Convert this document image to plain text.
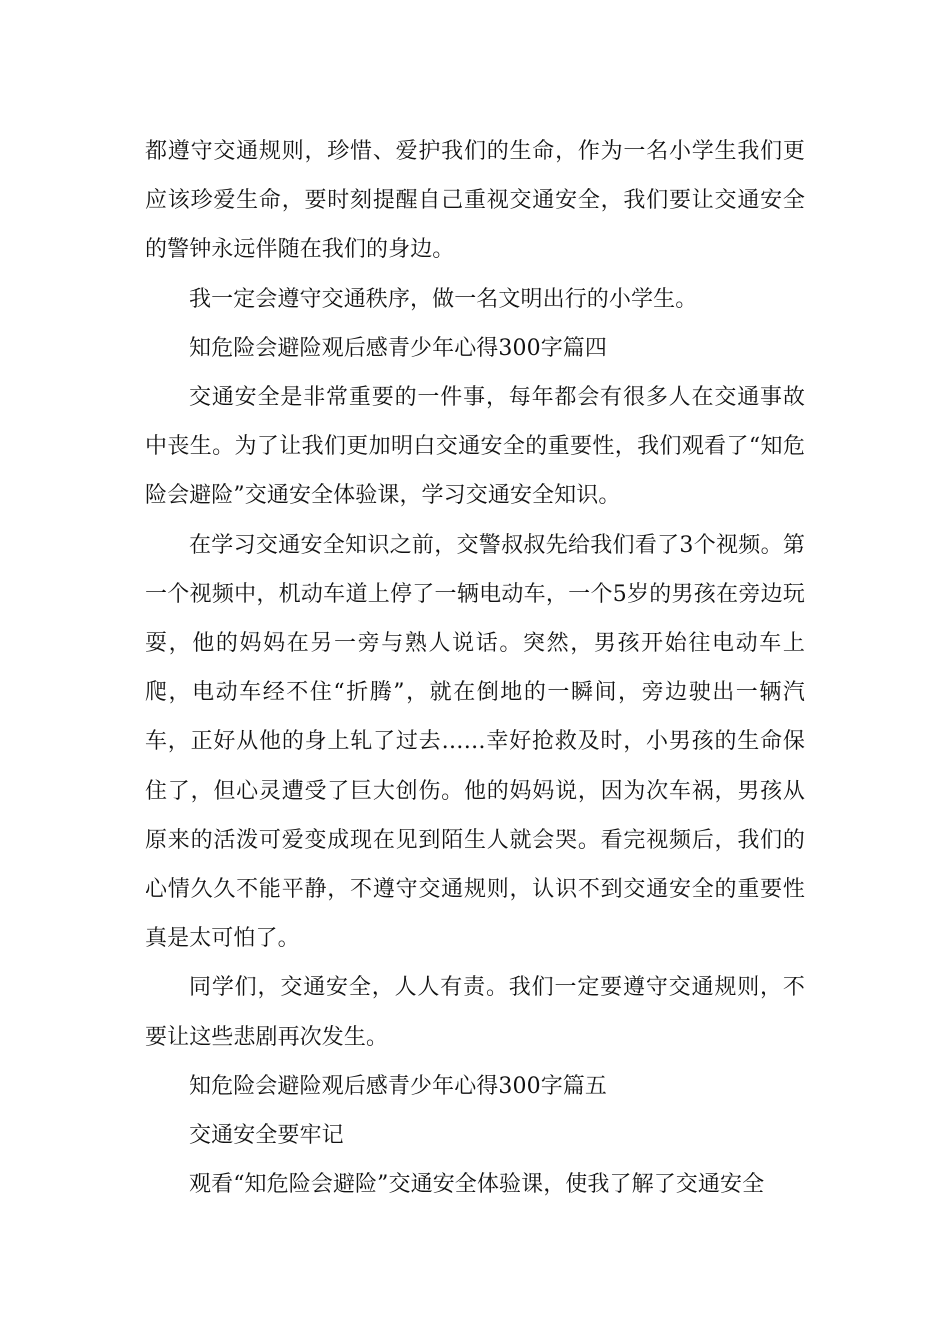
都遵守交通规则，珍惜、爱护我们的生命，作为一名小学生我们更应该珍爱生命，要时刻提醒自己重视交通安全，我们要让交通安全的警钟永远伴随在我们的身边。

我一定会遵守交通秩序，做一名文明出行的小学生。

知危险会避险观后感青少年心得300字篇四

交通安全是非常重要的一件事，每年都会有很多人在交通事故中丧生。为了让我们更加明白交通安全的重要性，我们观看了“知危险会避险”交通安全体验课，学习交通安全知识。

在学习交通安全知识之前，交警叔叔先给我们看了3个视频。第一个视频中，机动车道上停了一辆电动车，一个5岁的男孩在旁边玩耍，他的妈妈在另一旁与熟人说话。突然，男孩开始往电动车上爬，电动车经不住“折腾”，就在倒地的一瞬间，旁边驶出一辆汽车，正好从他的身上轧了过去……幸好抢救及时，小男孩的生命保住了，但心灵遭受了巨大创伤。他的妈妈说，因为次车祸，男孩从原来的活泼可爱变成现在见到陌生人就会哭。看完视频后，我们的心情久久不能平静，不遵守交通规则，认识不到交通安全的重要性真是太可怕了。

同学们，交通安全，人人有责。我们一定要遵守交通规则，不要让这些悲剧再次发生。

知危险会避险观后感青少年心得300字篇五

交通安全要牢记

观看“知危险会避险”交通安全体验课，使我了解了交通安全
